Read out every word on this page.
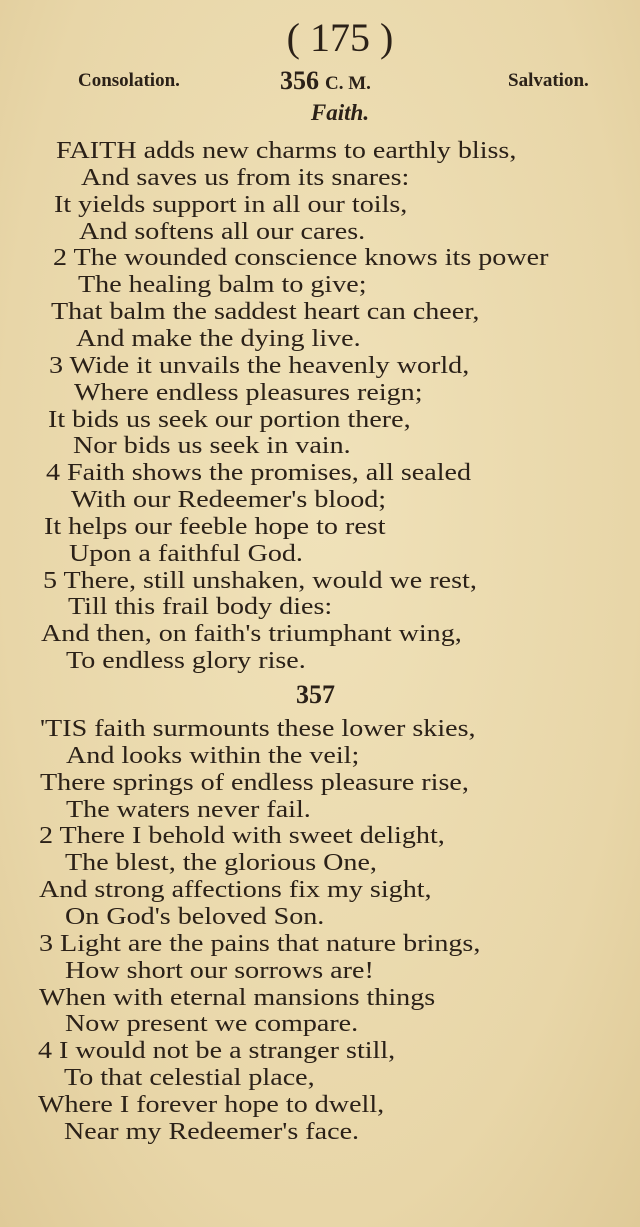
( 175 )
Consolation.	356 C. M.	Salvation.
Faith.
FAITH adds new charms to earthly bliss,
And saves us from its snares:
It yields support in all our toils,
And softens all our cares.
2 The wounded conscience knows its power
The healing balm to give;
That balm the saddest heart can cheer,
And make the dying live.
3 Wide it unvails the heavenly world,
Where endless pleasures reign;
It bids us seek our portion there,
Nor bids us seek in vain.
4 Faith shows the promises, all sealed
With our Redeemer's blood;
It helps our feeble hope to rest
Upon a faithful God.
5 There, still unshaken, would we rest,
Till this frail body dies:
And then, on faith's triumphant wing,
To endless glory rise.
357
'TIS faith surmounts these lower skies,
And looks within the veil;
There springs of endless pleasure rise,
The waters never fail.
2 There I behold with sweet delight,
The blest, the glorious One,
And strong affections fix my sight,
On God's beloved Son.
3 Light are the pains that nature brings,
How short our sorrows are!
When with eternal mansions things
Now present we compare.
4 I would not be a stranger still,
To that celestial place,
Where I forever hope to dwell,
Near my Redeemer's face.
